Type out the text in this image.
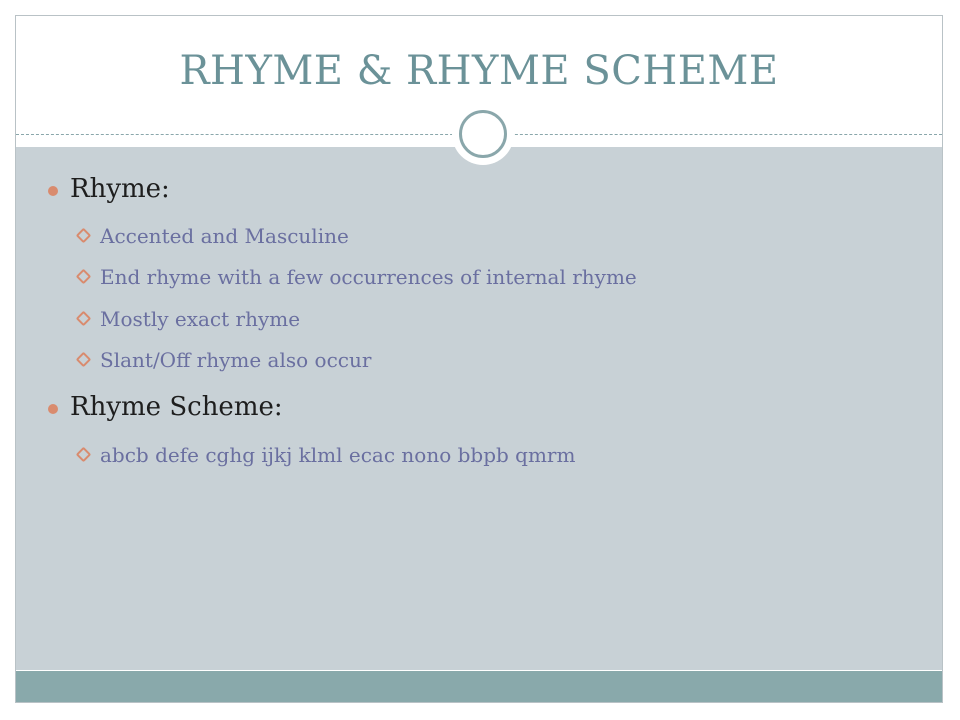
RHYME & RHYME SCHEME
Rhyme:
Accented and Masculine
End rhyme with a few occurrences of internal rhyme
Mostly exact rhyme
Slant/Off rhyme also occur
Rhyme Scheme:
abcb defe cghg ijkj klml ecac nono bbpb qmrm
